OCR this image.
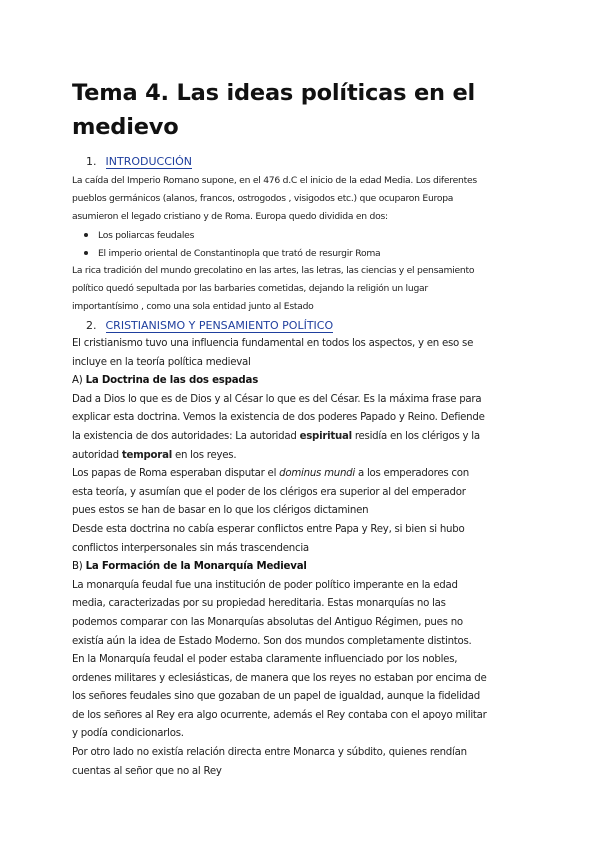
Tema 4. Las ideas políticas en el
medievo
1. INTRODUCCIÓN
La caída del Imperio Romano supone, en el 476 d.C el inicio de la edad Media. Los diferentes
pueblos germánicos (alanos, francos, ostrogodos , visigodos etc.) que ocuparon Europa
asumieron el legado cristiano y de Roma. Europa quedo dividida en dos:
Los poliarcas feudales
El imperio oriental de Constantinopla que trató de resurgir Roma
La rica tradición del mundo grecolatino en las artes, las letras, las ciencias y el pensamiento
político quedó sepultada por las barbaries cometidas, dejando la religión un lugar
importantísimo , como una sola entidad junto al Estado
2. CRISTIANISMO Y PENSAMIENTO POLÍTICO
El cristianismo tuvo una influencia fundamental en todos los aspectos, y en eso se
incluye en la teoría política medieval
A) La Doctrina de las dos espadas
Dad a Dios lo que es de Dios y al César lo que es del César. Es la máxima frase para
explicar esta doctrina. Vemos la existencia de dos poderes Papado y Reino. Defiende
la existencia de dos autoridades: La autoridad espiritual residía en los clérigos y la
autoridad temporal en los reyes.
Los papas de Roma esperaban disputar el dominus mundi a los emperadores con
esta teoría, y asumían que el poder de los clérigos era superior al del emperador
pues estos se han de basar en lo que los clérigos dictaminen
Desde esta doctrina no cabía esperar conflictos entre Papa y Rey, si bien si hubo
conflictos interpersonales sin más trascendencia
B) La Formación de la Monarquía Medieval
La monarquía feudal fue una institución de poder político imperante en la edad
media, caracterizadas por su propiedad hereditaria. Estas monarquías no las
podemos comparar con las Monarquías absolutas del Antiguo Régimen, pues no
existía aún la idea de Estado Moderno. Son dos mundos completamente distintos.
En la Monarquía feudal el poder estaba claramente influenciado por los nobles,
ordenes militares y eclesiásticas, de manera que los reyes no estaban por encima de
los señores feudales sino que gozaban de un papel de igualdad, aunque la fidelidad
de los señores al Rey era algo ocurrente, además el Rey contaba con el apoyo militar
y podía condicionarlos.
Por otro lado no existía relación directa entre Monarca y súbdito, quienes rendían
cuentas al señor que no al Rey
